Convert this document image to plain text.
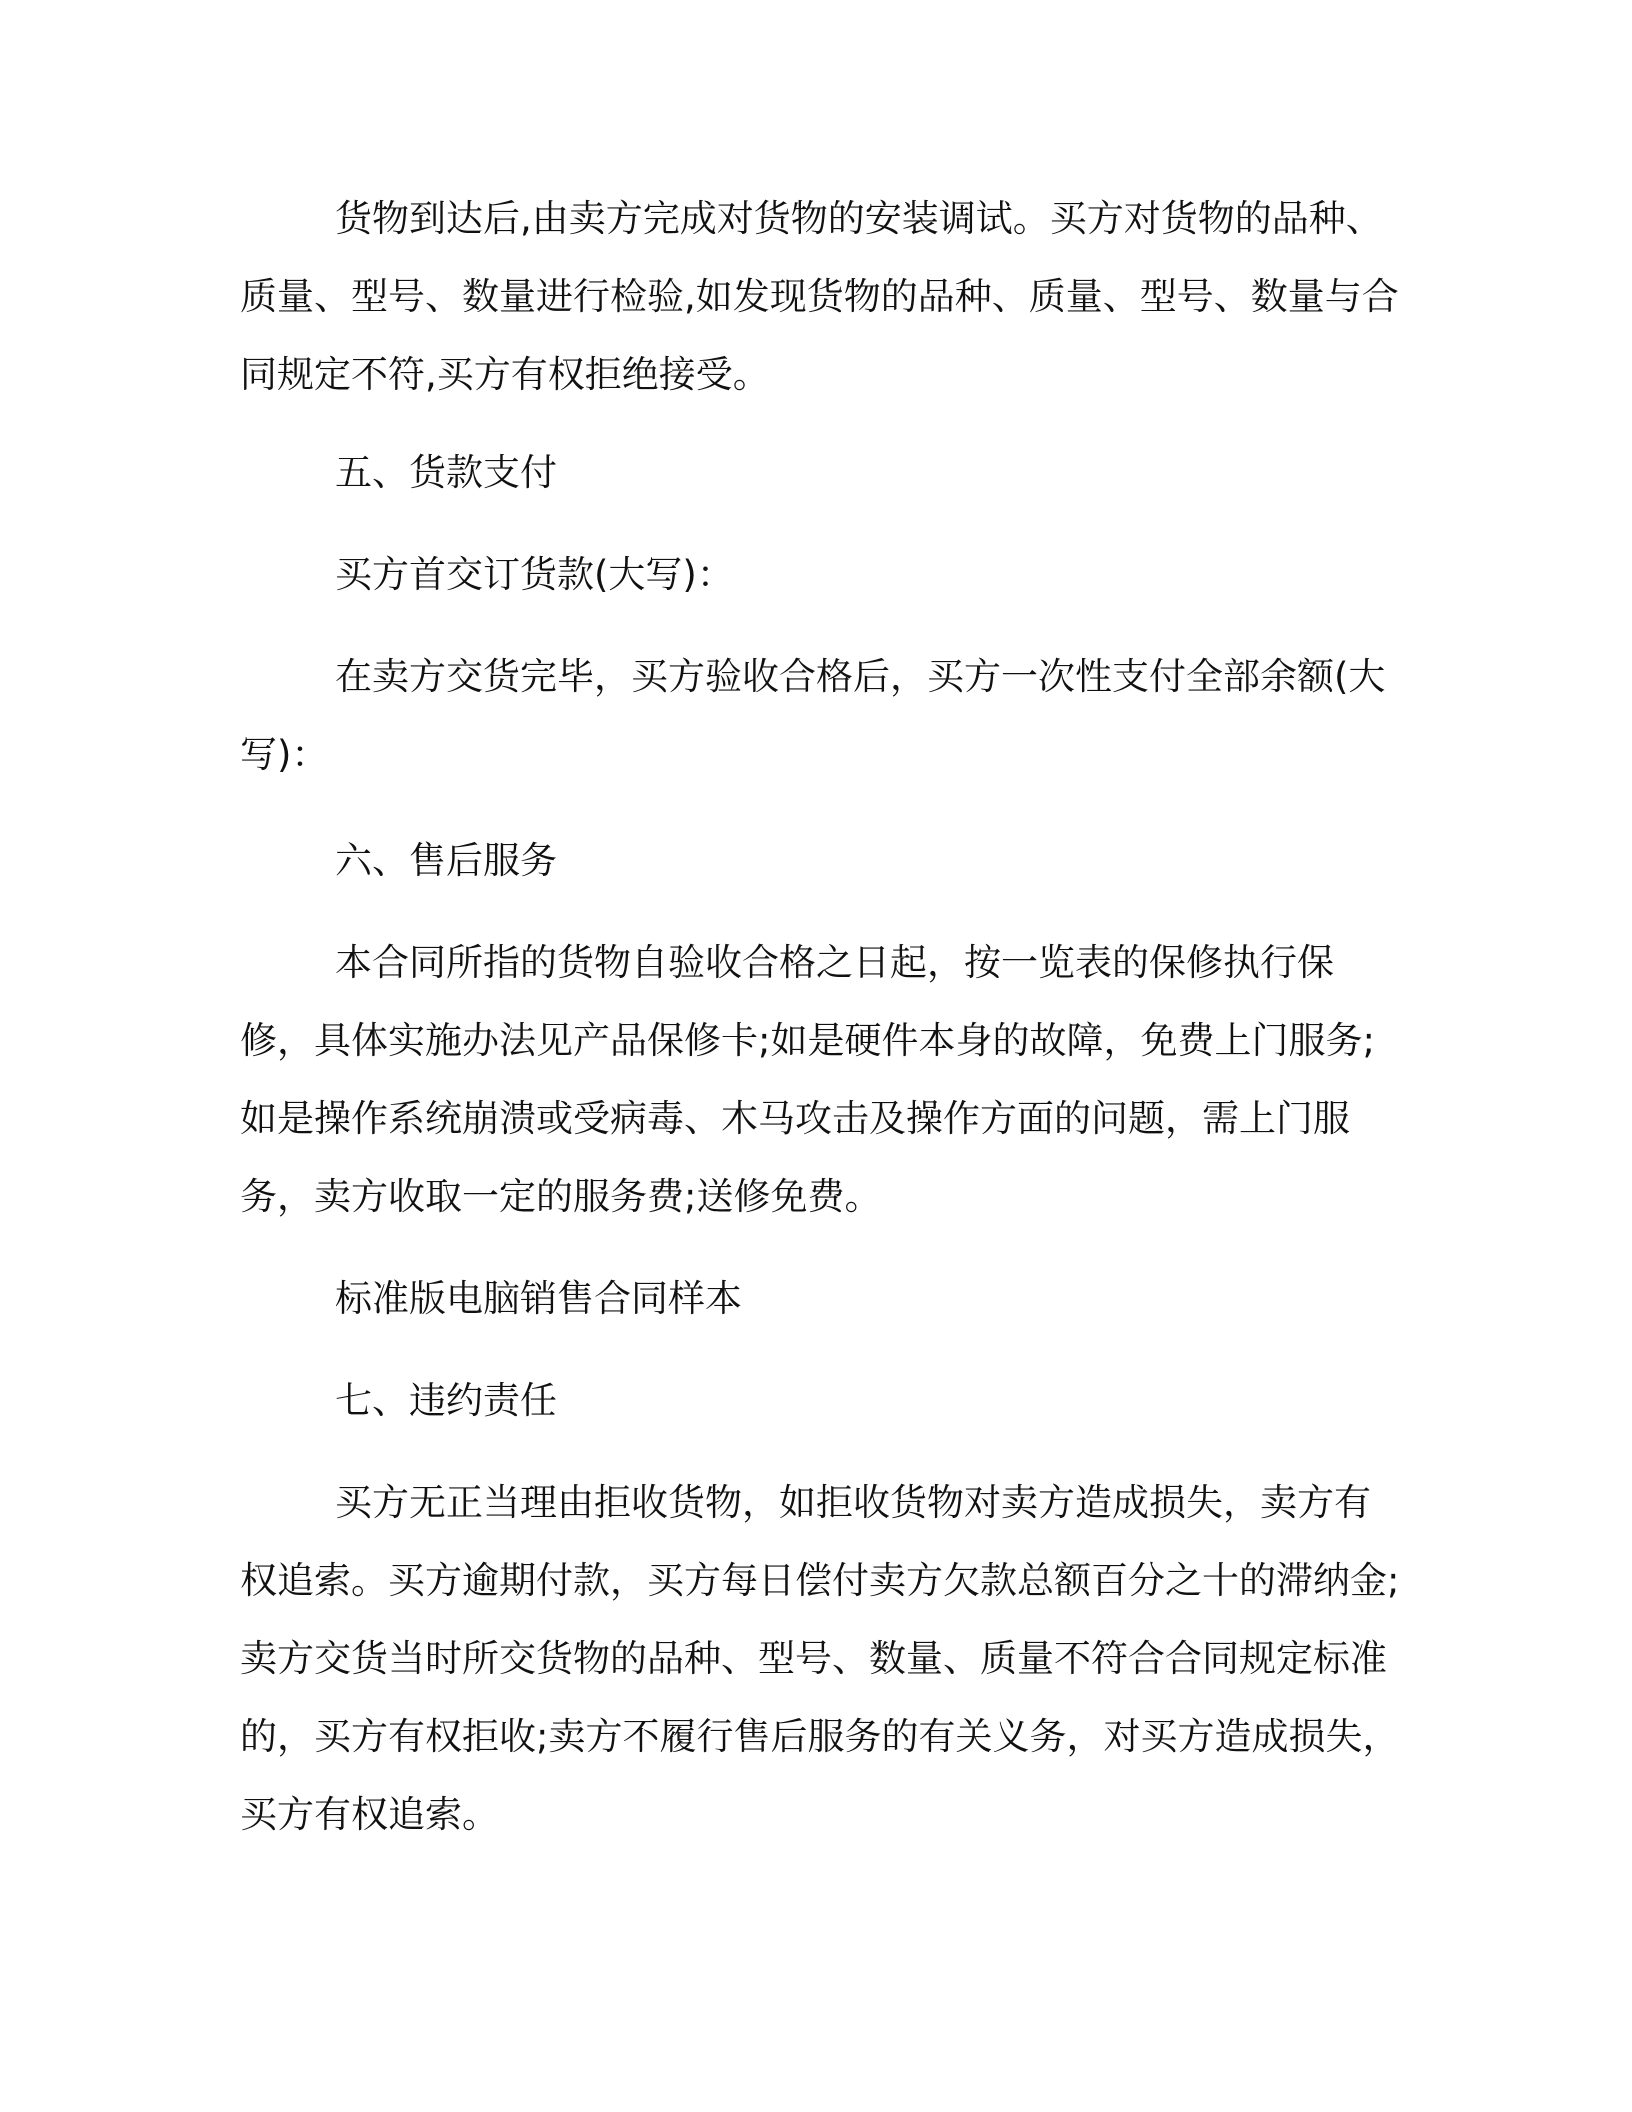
货物到达后,由卖方完成对货物的安装调试。买方对货物的品种、质量、型号、数量进行检验,如发现货物的品种、质量、型号、数量与合同规定不符,买方有权拒绝接受。

五、货款支付

买方首交订货款(大写)：

在卖方交货完毕，买方验收合格后，买方一次性支付全部余额(大写)：

六、售后服务

本合同所指的货物自验收合格之日起，按一览表的保修执行保修，具体实施办法见产品保修卡;如是硬件本身的故障，免费上门服务;如是操作系统崩溃或受病毒、木马攻击及操作方面的问题，需上门服务，卖方收取一定的服务费;送修免费。

标准版电脑销售合同样本

七、违约责任

买方无正当理由拒收货物，如拒收货物对卖方造成损失，卖方有权追索。买方逾期付款，买方每日偿付卖方欠款总额百分之十的滞纳金;卖方交货当时所交货物的品种、型号、数量、质量不符合合同规定标准的，买方有权拒收;卖方不履行售后服务的有关义务，对买方造成损失，买方有权追索。
